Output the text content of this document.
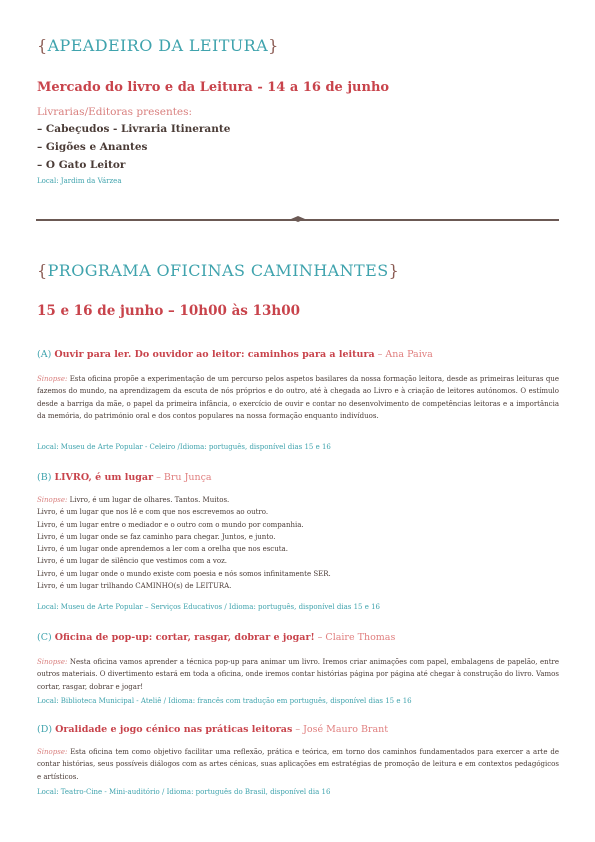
{APEADEIRO DA LEITURA}
Mercado do livro e da Leitura - 14 a 16 de junho
Livrarias/Editoras presentes:
– Cabeçudos - Livraria Itinerante
– Gigões e Anantes
– O Gato Leitor
Local: Jardim da Várzea
{PROGRAMA OFICINAS CAMINHANTES}
15 e 16 de junho – 10h00 às 13h00
(A) Ouvir para ler. Do ouvidor ao leitor: caminhos para a leitura – Ana Paiva
Sinopse: Esta oficina propõe a experimentação de um percurso pelos aspetos basilares da nossa formação leitora, desde as primeiras leituras que fazemos do mundo, na aprendizagem da escuta de nós próprios e do outro, até à chegada ao Livro e à criação de leitores autónomos. O estímulo desde a barriga da mãe, o papel da primeira infância, o exercício de ouvir e contar no desenvolvimento de competências leitoras e a importância da memória, do património oral e dos contos populares na nossa formação enquanto indivíduos.
Local: Museu de Arte Popular - Celeiro /Idioma: português, disponível dias 15 e 16
(B) LIVRO, é um lugar – Bru Junça
Sinopse: Livro, é um lugar de olhares. Tantos. Muitos.
Livro, é um lugar que nos lê e com que nos escrevemos ao outro.
Livro, é um lugar entre o mediador e o outro com o mundo por companhia.
Livro, é um lugar onde se faz caminho para chegar. Juntos, e junto.
Livro, é um lugar onde aprendemos a ler com a orelha que nos escuta.
Livro, é um lugar de silêncio que vestimos com a voz.
Livro, é um lugar onde o mundo existe com poesia e nós somos infinitamente SER.
Livro, é um lugar trilhando CAMINHO(s) de LEITURA.
Local: Museu de Arte Popular – Serviços Educativos / Idioma: português, disponível dias 15 e 16
(C) Oficina de pop-up: cortar, rasgar, dobrar e jogar! – Claire Thomas
Sinopse: Nesta oficina vamos aprender a técnica pop-up para animar um livro. Iremos criar animações com papel, embalagens de papelão, entre outros materiais. O divertimento estará em toda a oficina, onde iremos contar histórias página por página até chegar à construção do livro. Vamos cortar, rasgar, dobrar e jogar!
Local: Biblioteca Municipal - Ateliê / Idioma: francês com tradução em português, disponível dias 15 e 16
(D) Oralidade e jogo cénico nas práticas leitoras – José Mauro Brant
Sinopse: Esta oficina tem como objetivo facilitar uma reflexão, prática e teórica, em torno dos caminhos fundamentados para exercer a arte de contar histórias, seus possíveis diálogos com as artes cénicas, suas aplicações em estratégias de promoção de leitura e em contextos pedagógicos e artísticos.
Local: Teatro-Cine - Mini-auditório / Idioma: português do Brasil, disponível dia 16
